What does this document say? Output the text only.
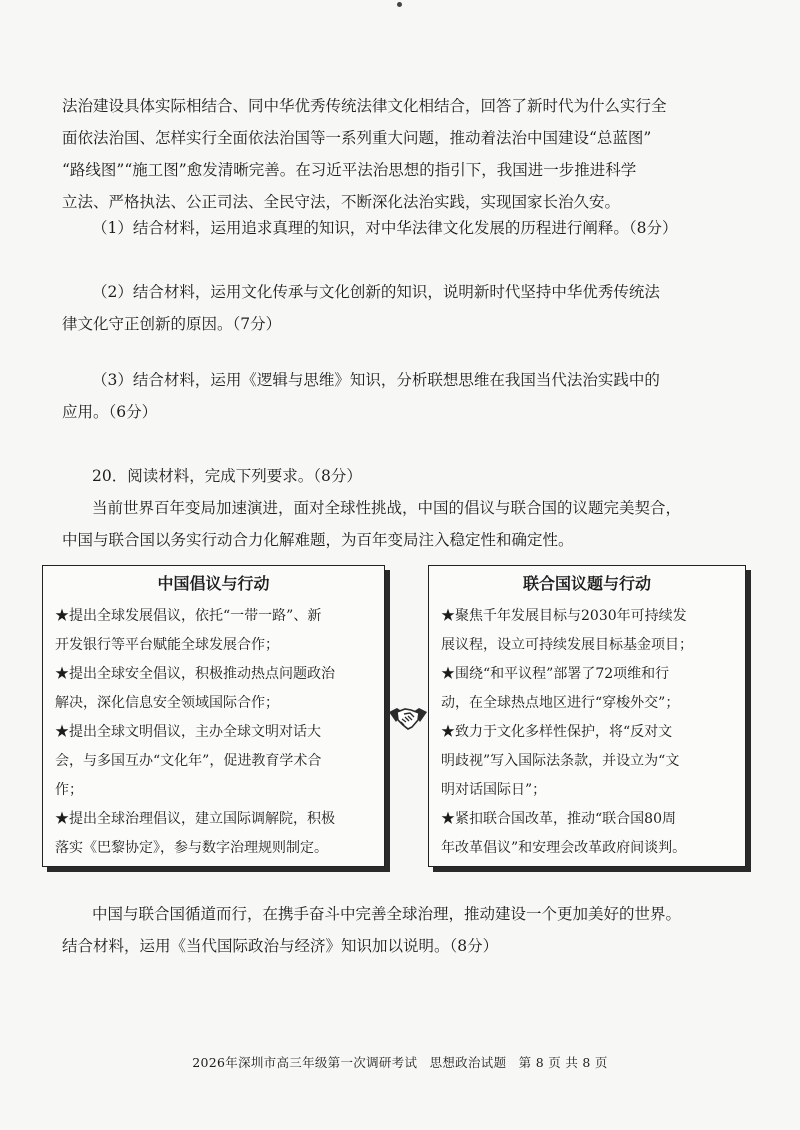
法治建设具体实际相结合、同中华优秀传统法律文化相结合，回答了新时代为什么实行全
面依法治国、怎样实行全面依法治国等一系列重大问题，推动着法治中国建设“总蓝图”
“路线图”“施工图”愈发清晰完善。在习近平法治思想的指引下，我国进一步推进科学
立法、严格执法、公正司法、全民守法，不断深化法治实践，实现国家长治久安。
（1）结合材料，运用追求真理的知识，对中华法律文化发展的历程进行阐释。（8分）
（2）结合材料，运用文化传承与文化创新的知识，说明新时代坚持中华优秀传统法
律文化守正创新的原因。（7分）
（3）结合材料，运用《逻辑与思维》知识，分析联想思维在我国当代法治实践中的
应用。（6分）
20．阅读材料，完成下列要求。（8分）
当前世界百年变局加速演进，面对全球性挑战，中国的倡议与联合国的议题完美契合，
中国与联合国以务实行动合力化解难题，为百年变局注入稳定性和确定性。
中国倡议与行动
★提出全球发展倡议，依托“一带一路”、新
开发银行等平台赋能全球发展合作；
★提出全球安全倡议，积极推动热点问题政治
解决，深化信息安全领域国际合作；
★提出全球文明倡议，主办全球文明对话大
会，与多国互办“文化年”，促进教育学术合
作；
★提出全球治理倡议，建立国际调解院，积极
落实《巴黎协定》，参与数字治理规则制定。
联合国议题与行动
★聚焦千年发展目标与2030年可持续发
展议程，设立可持续发展目标基金项目；
★围绕“和平议程”部署了72项维和行
动，在全球热点地区进行“穿梭外交”；
★致力于文化多样性保护，将“反对文
明歧视”写入国际法条款，并设立为“文
明对话国际日”；
★紧扣联合国改革，推动“联合国80周
年改革倡议”和安理会改革政府间谈判。
中国与联合国循道而行，在携手奋斗中完善全球治理，推动建设一个更加美好的世界。
结合材料，运用《当代国际政治与经济》知识加以说明。（8分）
2026年深圳市高三年级第一次调研考试 思想政治试题 第 8 页 共 8 页
